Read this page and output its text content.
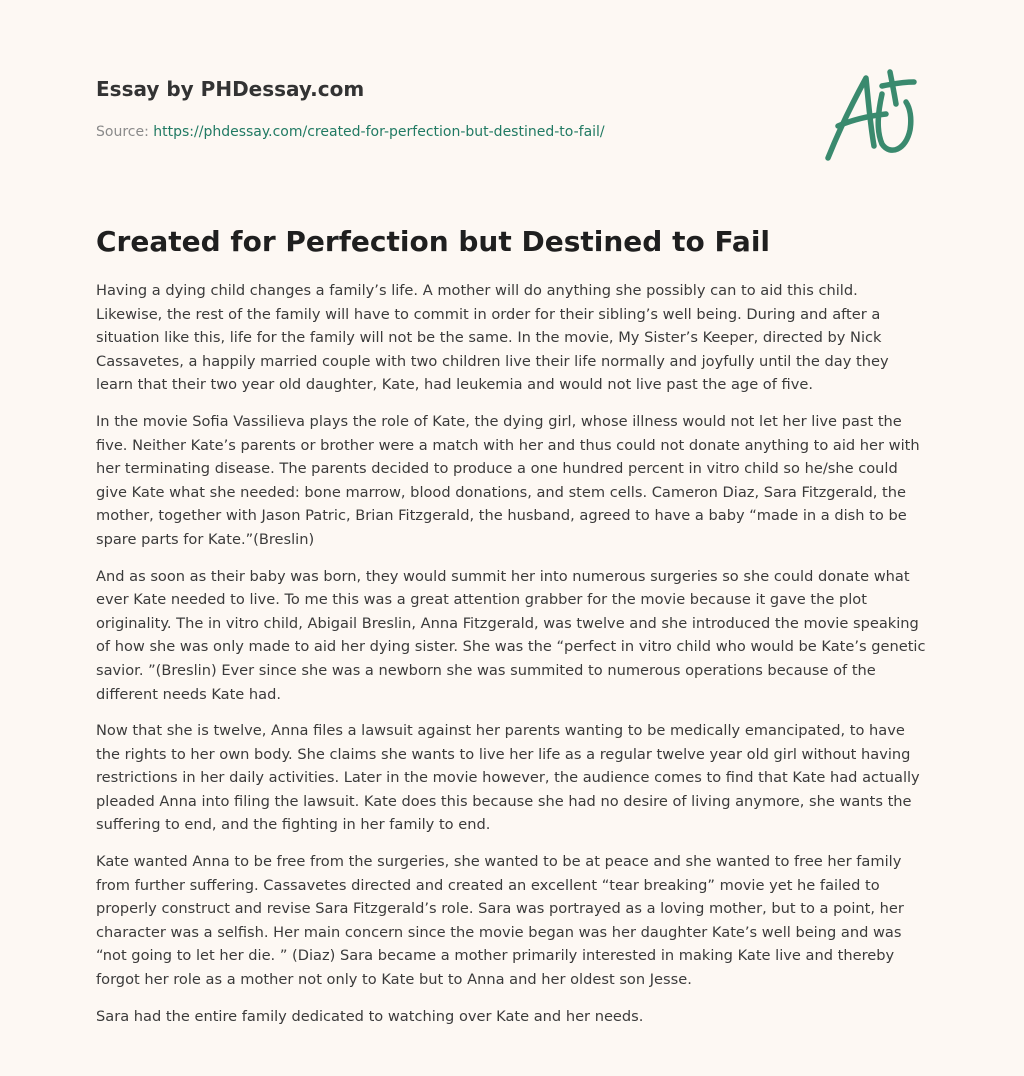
Essay by PHDessay.com
Source: https://phdessay.com/created-for-perfection-but-destined-to-fail/
Created for Perfection but Destined to Fail

Having a dying child changes a family’s life. A mother will do anything she possibly can to aid this child. Likewise, the rest of the family will have to commit in order for their sibling’s well being. During and after a situation like this, life for the family will not be the same. In the movie, My Sister’s Keeper, directed by Nick Cassavetes, a happily married couple with two children live their life normally and joyfully until the day they learn that their two year old daughter, Kate, had leukemia and would not live past the age of five.

In the movie Sofia Vassilieva plays the role of Kate, the dying girl, whose illness would not let her live past the five. Neither Kate’s parents or brother were a match with her and thus could not donate anything to aid her with her terminating disease. The parents decided to produce a one hundred percent in vitro child so he/she could give Kate what she needed: bone marrow, blood donations, and stem cells. Cameron Diaz, Sara Fitzgerald, the mother, together with Jason Patric, Brian Fitzgerald, the husband, agreed to have a baby “made in a dish to be spare parts for Kate.”(Breslin)

And as soon as their baby was born, they would summit her into numerous surgeries so she could donate what ever Kate needed to live. To me this was a great attention grabber for the movie because it gave the plot originality. The in vitro child, Abigail Breslin, Anna Fitzgerald, was twelve and she introduced the movie speaking of how she was only made to aid her dying sister. She was the “perfect in vitro child who would be Kate’s genetic savior. ”(Breslin) Ever since she was a newborn she was summited to numerous operations because of the different needs Kate had.

Now that she is twelve, Anna files a lawsuit against her parents wanting to be medically emancipated, to have the rights to her own body. She claims she wants to live her life as a regular twelve year old girl without having restrictions in her daily activities. Later in the movie however, the audience comes to find that Kate had actually pleaded Anna into filing the lawsuit. Kate does this because she had no desire of living anymore, she wants the suffering to end, and the fighting in her family to end.

Kate wanted Anna to be free from the surgeries, she wanted to be at peace and she wanted to free her family from further suffering. Cassavetes directed and created an excellent “tear breaking” movie yet he failed to properly construct and revise Sara Fitzgerald’s role. Sara was portrayed as a loving mother, but to a point, her character was a selfish. Her main concern since the movie began was her daughter Kate’s well being and was “not going to let her die. ” (Diaz) Sara became a mother primarily interested in making Kate live and thereby forgot her role as a mother not only to Kate but to Anna and her oldest son Jesse.

Sara had the entire family dedicated to watching over Kate and her needs.
